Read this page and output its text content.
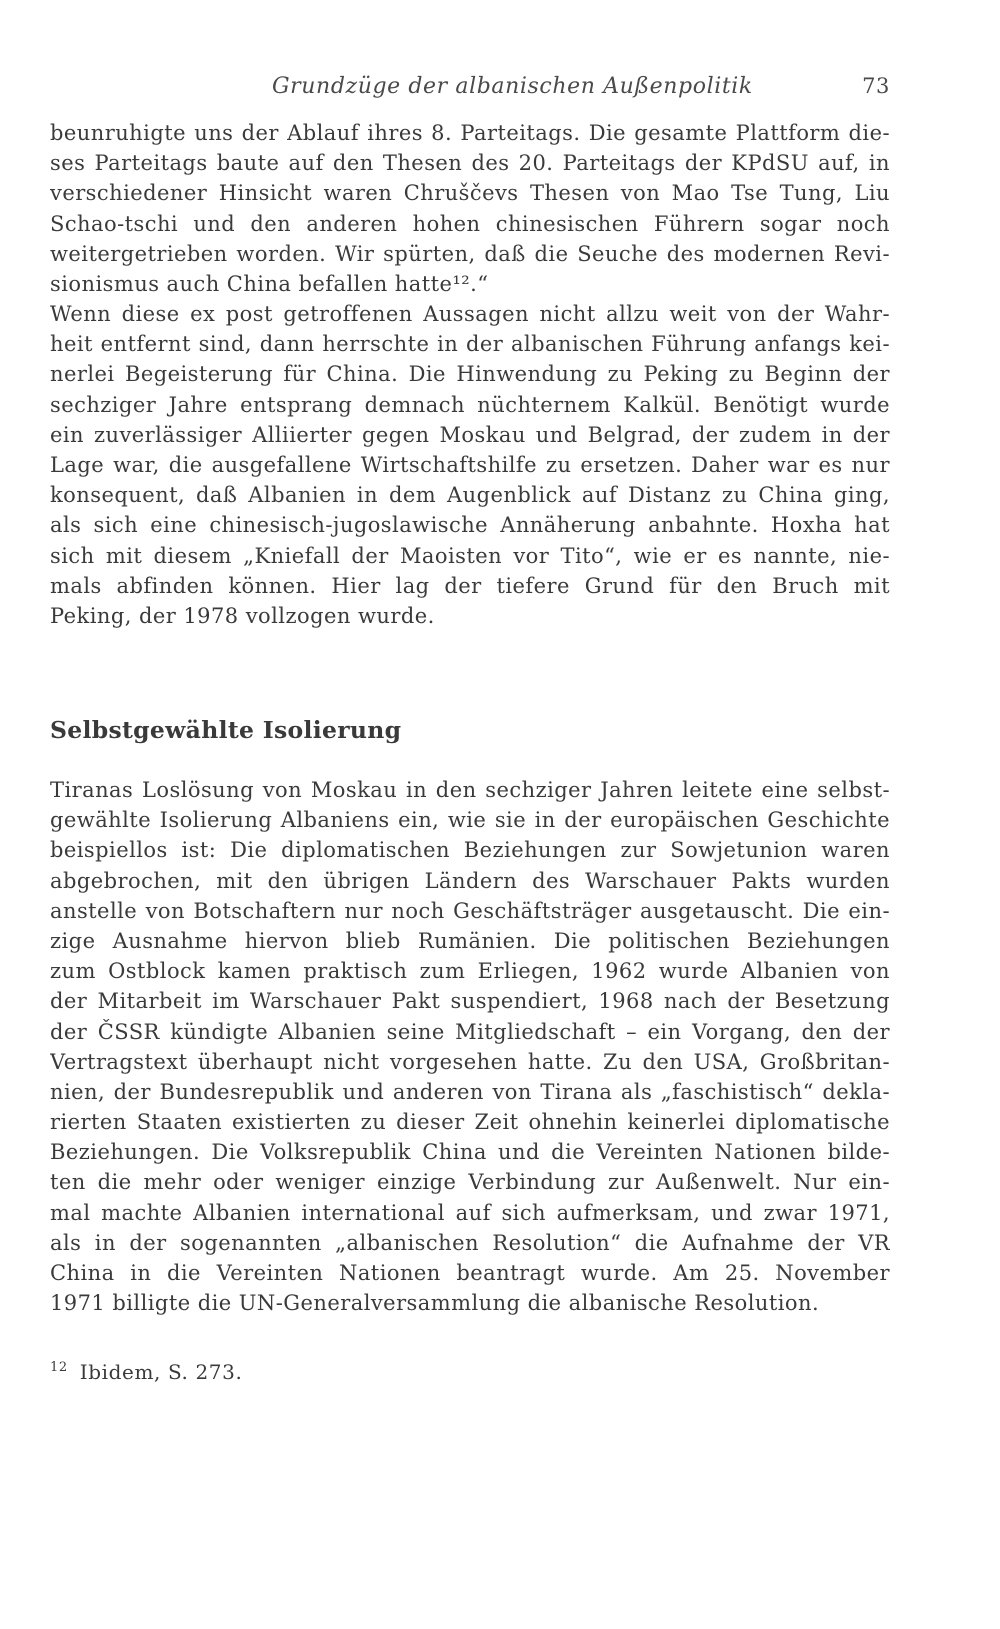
Grundzüge der albanischen Außenpolitik	73
beunruhigte uns der Ablauf ihres 8. Parteitags. Die gesamte Plattform die-
ses Parteitags baute auf den Thesen des 20. Parteitags der KPdSU auf, in
verschiedener Hinsicht waren Chruščevs Thesen von Mao Tse Tung, Liu
Schao-tschi und den anderen hohen chinesischen Führern sogar noch
weitergetrieben worden. Wir spürten, daß die Seuche des modernen Revi-
sionismus auch China befallen hatte¹².“
Wenn diese ex post getroffenen Aussagen nicht allzu weit von der Wahr-
heit entfernt sind, dann herrschte in der albanischen Führung anfangs kei-
nerlei Begeisterung für China. Die Hinwendung zu Peking zu Beginn der
sechziger Jahre entsprang demnach nüchternem Kalkül. Benötigt wurde
ein zuverlässiger Alliierter gegen Moskau und Belgrad, der zudem in der
Lage war, die ausgefallene Wirtschaftshilfe zu ersetzen. Daher war es nur
konsequent, daß Albanien in dem Augenblick auf Distanz zu China ging,
als sich eine chinesisch-jugoslawische Annäherung anbahnte. Hoxha hat
sich mit diesem „Kniefall der Maoisten vor Tito“, wie er es nannte, nie-
mals abfinden können. Hier lag der tiefere Grund für den Bruch mit
Peking, der 1978 vollzogen wurde.
Selbstgewählte Isolierung
Tiranas Loslösung von Moskau in den sechziger Jahren leitete eine selbst-
gewählte Isolierung Albaniens ein, wie sie in der europäischen Geschichte
beispiellos ist: Die diplomatischen Beziehungen zur Sowjetunion waren
abgebrochen, mit den übrigen Ländern des Warschauer Pakts wurden
anstelle von Botschaftern nur noch Geschäftsträger ausgetauscht. Die ein-
zige Ausnahme hiervon blieb Rumänien. Die politischen Beziehungen
zum Ostblock kamen praktisch zum Erliegen, 1962 wurde Albanien von
der Mitarbeit im Warschauer Pakt suspendiert, 1968 nach der Besetzung
der ČSSR kündigte Albanien seine Mitgliedschaft – ein Vorgang, den der
Vertragstext überhaupt nicht vorgesehen hatte. Zu den USA, Großbritan-
nien, der Bundesrepublik und anderen von Tirana als „faschistisch“ dekla-
rierten Staaten existierten zu dieser Zeit ohnehin keinerlei diplomatische
Beziehungen. Die Volksrepublik China und die Vereinten Nationen bilde-
ten die mehr oder weniger einzige Verbindung zur Außenwelt. Nur ein-
mal machte Albanien international auf sich aufmerksam, und zwar 1971,
als in der sogenannten „albanischen Resolution“ die Aufnahme der VR
China in die Vereinten Nationen beantragt wurde. Am 25. November
1971 billigte die UN-Generalversammlung die albanische Resolution.
$^{12}$ Ibidem, S. 273.
